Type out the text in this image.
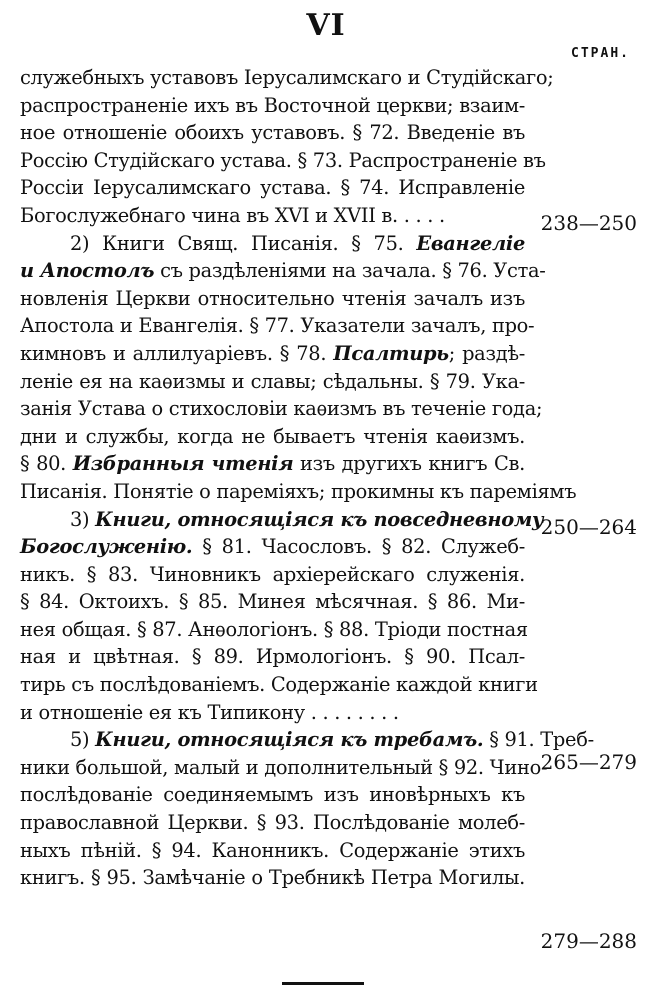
VI
СТРАН.
служебныхъ уставовъ Іерусалимскаго и Студійскаго;
распространеніе ихъ въ Восточной церкви; взаим-
ное отношеніе обоихъ уставовъ. § 72. Введеніе въ
Россію Студійскаго устава. § 73. Распространеніе въ
Россіи Іерусалимскаго устава. § 74. Исправленіе
Богослужебнаго чина въ XVI и XVII в. . . . .
2) Книги Свящ. Писанія. § 75. Евангеліе
и Апостолъ съ раздѣленіями на зачала. § 76. Уста-
новленія Церкви относительно чтенія зачалъ изъ
Апостола и Евангелія. § 77. Указатели зачалъ, про-
кимновъ и аллилуаріевъ. § 78. Псалтирь; раздѣ-
леніе ея на каѳизмы и славы; сѣдальны. § 79. Ука-
занія Устава о стихословіи каѳизмъ въ теченіе года;
дни и службы, когда не бываетъ чтенія каѳизмъ.
§ 80. Избранныя чтенія изъ другихъ книгъ Св.
Писанія. Понятіе о пареміяхъ; прокимны къ пареміямъ
3) Книги, относящіяся къ повседневному
Богослуженію. § 81. Часословъ. § 82. Служеб-
никъ. § 83. Чиновникъ архіерейскаго служенія.
§ 84. Октоихъ. § 85. Минея мѣсячная. § 86. Ми-
нея общая. § 87. Анѳологіонъ. § 88. Тріоди постная
ная и цвѣтная. § 89. Ирмологіонъ. § 90. Псал-
тирь съ послѣдованіемъ. Содержаніе каждой книги
и отношеніе ея къ Типикону . . . . . . . .
5) Книги, относящіяся къ требамъ. § 91. Треб-
ники большой, малый и дополнительный § 92. Чино-
послѣдованіе соединяемымъ изъ иновѣрныхъ къ
православной Церкви. § 93. Послѣдованіе молеб-
ныхъ пѣній. § 94. Канонникъ. Содержаніе этихъ
книгъ. § 95. Замѣчаніе о Требникѣ Петра Могилы.
238—250
250—264
265—279
279—288
